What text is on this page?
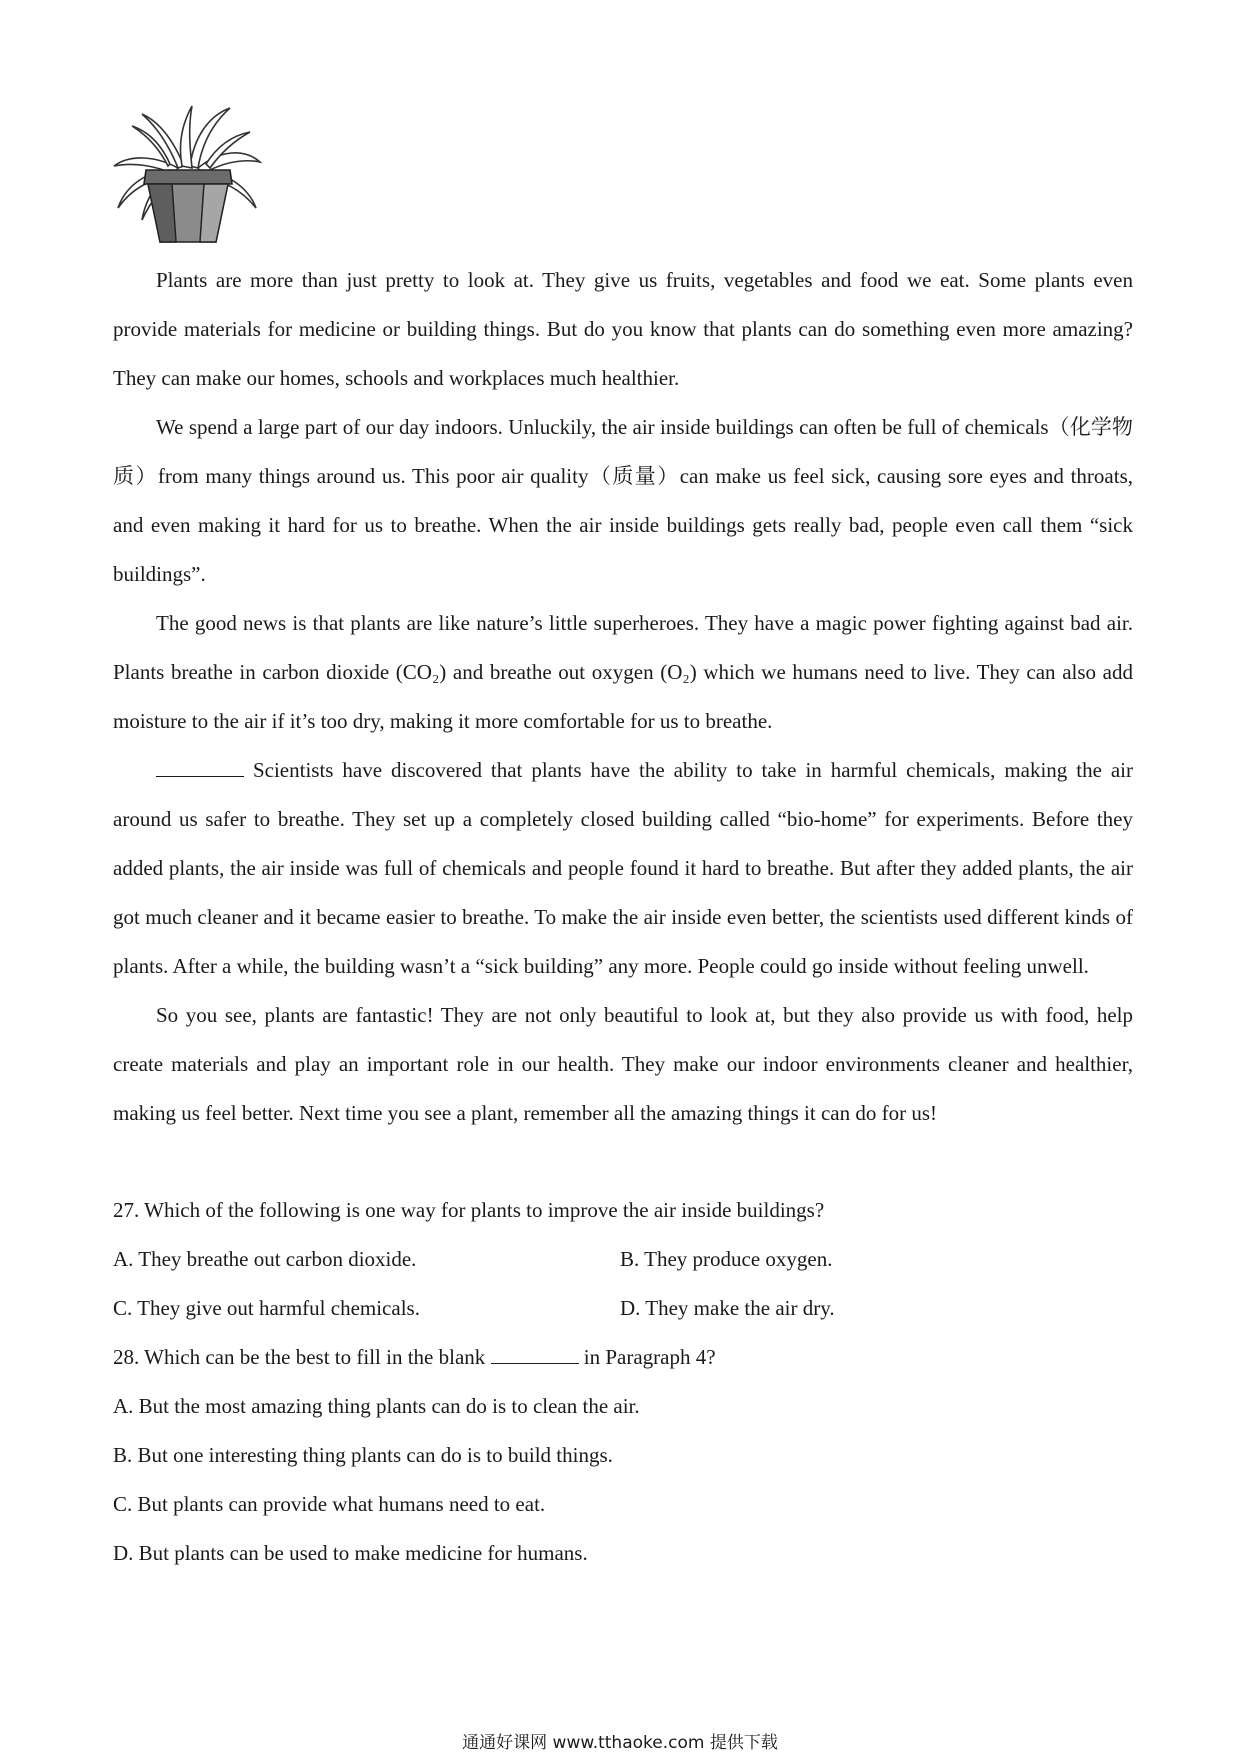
Plants are more than just pretty to look at. They give us fruits, vegetables and food we eat. Some plants even provide materials for medicine or building things. But do you know that plants can do something even more amazing? They can make our homes, schools and workplaces much healthier.

We spend a large part of our day indoors. Unluckily, the air inside buildings can often be full of chemicals（化学物质）from many things around us. This poor air quality（质量）can make us feel sick, causing sore eyes and throats, and even making it hard for us to breathe. When the air inside buildings gets really bad, people even call them “sick buildings”.

The good news is that plants are like nature’s little superheroes. They have a magic power fighting against bad air. Plants breathe in carbon dioxide (CO₂) and breathe out oxygen (O₂) which we humans need to live. They can also add moisture to the air if it’s too dry, making it more comfortable for us to breathe.

Scientists have discovered that plants have the ability to take in harmful chemicals, making the air around us safer to breathe. They set up a completely closed building called “bio-home” for experiments. Before they added plants, the air inside was full of chemicals and people found it hard to breathe. But after they added plants, the air got much cleaner and it became easier to breathe. To make the air inside even better, the scientists used different kinds of plants. After a while, the building wasn’t a “sick building” any more. People could go inside without feeling unwell.

So you see, plants are fantastic! They are not only beautiful to look at, but they also provide us with food, help create materials and play an important role in our health. They make our indoor environments cleaner and healthier, making us feel better. Next time you see a plant, remember all the amazing things it can do for us!

27. Which of the following is one way for plants to improve the air inside buildings?

A. They breathe out carbon dioxide.	B. They produce oxygen.

C. They give out harmful chemicals.	D. They make the air dry.

28. Which can be the best to fill in the blank	in Paragraph 4?

A. But the most amazing thing plants can do is to clean the air.

B. But one interesting thing plants can do is to build things.

C. But plants can provide what humans need to eat.

D. But plants can be used to make medicine for humans.

通通好课网 www.tthaoke.com 提供下载
